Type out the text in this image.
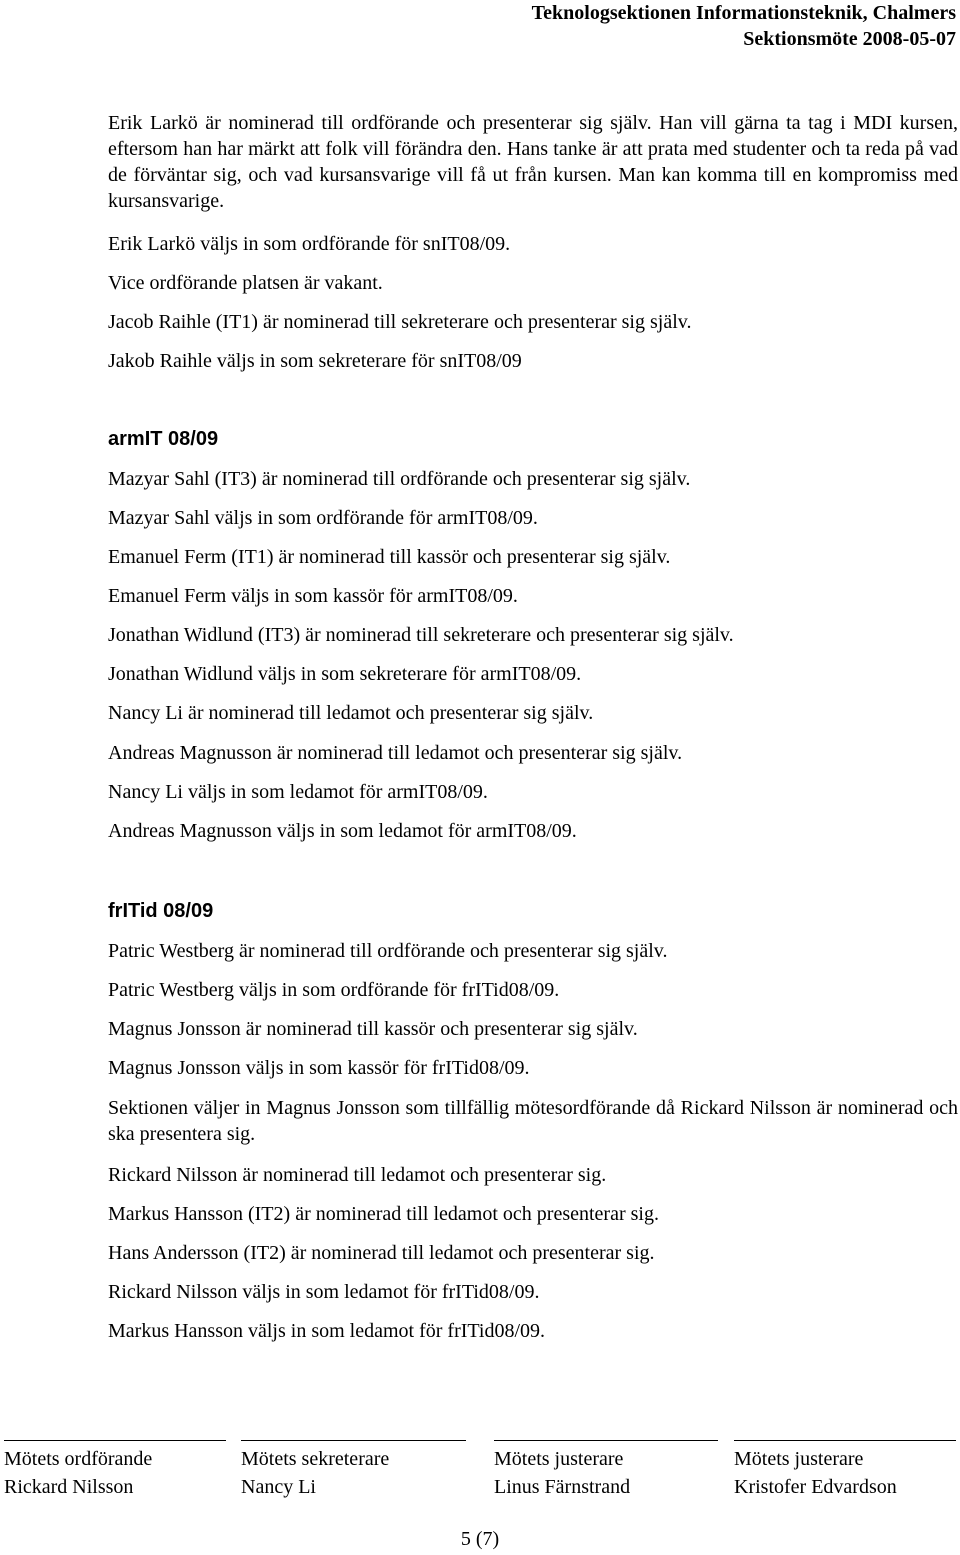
Teknologsektionen Informationsteknik, Chalmers
Sektionsmöte 2008-05-07

Erik Larkö är nominerad till ordförande och presenterar sig själv. Han vill gärna ta tag i MDI kursen, eftersom han har märkt att folk vill förändra den. Hans tanke är att prata med studenter och ta reda på vad de förväntar sig, och vad kursansvarige vill få ut från kursen. Man kan komma till en kompromiss med kursansvarige.

Erik Larkö väljs in som ordförande för snIT08/09.

Vice ordförande platsen är vakant.

Jacob Raihle (IT1) är nominerad till sekreterare och presenterar sig själv.

Jakob Raihle väljs in som sekreterare för snIT08/09

armIT 08/09

Mazyar Sahl (IT3) är nominerad till ordförande och presenterar sig själv.

Mazyar Sahl väljs in som ordförande för armIT08/09.

Emanuel Ferm (IT1) är nominerad till kassör och presenterar sig själv.

Emanuel Ferm väljs in som kassör för armIT08/09.

Jonathan Widlund (IT3) är nominerad till sekreterare och presenterar sig själv.

Jonathan Widlund väljs in som sekreterare för armIT08/09.

Nancy Li är nominerad till ledamot och presenterar sig själv.

Andreas Magnusson är nominerad till ledamot och presenterar sig själv.

Nancy Li väljs in som ledamot för armIT08/09.

Andreas Magnusson väljs in som ledamot för armIT08/09.

frITid 08/09

Patric Westberg är nominerad till ordförande och presenterar sig själv.

Patric Westberg väljs in som ordförande för frITid08/09.

Magnus Jonsson är nominerad till kassör och presenterar sig själv.

Magnus Jonsson väljs in som kassör för frITid08/09.

Sektionen väljer in Magnus Jonsson som tillfällig mötesordförande då Rickard Nilsson är nominerad och ska presentera sig.

Rickard Nilsson är nominerad till ledamot och presenterar sig.

Markus Hansson (IT2) är nominerad till ledamot och presenterar sig.

Hans Andersson (IT2) är nominerad till ledamot och presenterar sig.

Rickard Nilsson väljs in som ledamot för frITid08/09.

Markus Hansson väljs in som ledamot för frITid08/09.

Mötets ordförande
Rickard Nilsson
Mötets sekreterare
Nancy Li
Mötets justerare
Linus Färnstrand
Mötets justerare
Kristofer Edvardson
5 (7)
